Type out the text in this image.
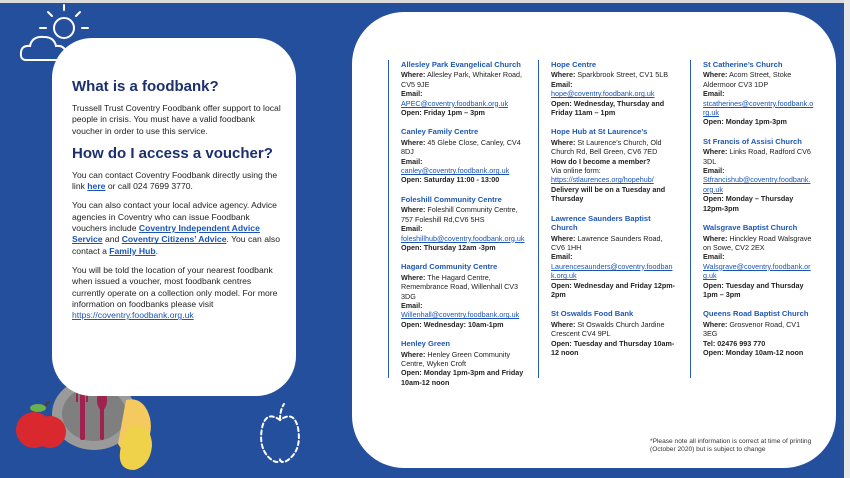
What is a foodbank?

Trussell Trust Coventry Foodbank offer support to local people in crisis. You must have a valid foodbank voucher in order to use this service.

How do I access a voucher?

You can contact Coventry Foodbank directly using the link here or call 024 7699 3770.

You can also contact your local advice agency. Advice agencies in Coventry who can issue Foodbank vouchers include Coventry Independent Advice Service and Coventry Citizens’ Advice. You can also contact a Family Hub.

You will be told the location of your nearest foodbank when issued a voucher, most foodbank centres currently operate on a collection only model. For more information on foodbanks please visit https://coventry.foodbank.org.uk

Allesley Park Evangelical Church
Where: Allesley Park, Whitaker Road, CV5 9JE
Email:
APEC@coventry.foodbank.org.uk
Open: Friday 1pm – 3pm
Canley Family Centre
Where: 45 Glebe Close, Canley, CV4 8DJ
Email:
canley@coventry.foodbank.org.uk
Open: Saturday 11:00 - 13:00
Foleshill Community Centre
Where: Foleshill Community Centre, 757 Foleshill Rd,CV6 5HS
Email:
foleshillhub@coventry.foodbank.org.uk
Open: Thursday 12am -3pm
Hagard Community Centre
Where: The Hagard Centre, Remembrance Road, Willenhall CV3 3DG
Email:
Willenhall@coventry.foodbank.org.uk
Open: Wednesday: 10am-1pm
Henley Green
Where: Henley Green Community Centre, Wyken Croft
Open: Monday 1pm-3pm and Friday 10am-12 noon
Hope Centre
Where: Sparkbrook Street, CV1 5LB
Email:
hope@coventry.foodbank.org.uk
Open: Wednesday, Thursday and Friday 11am – 1pm
Hope Hub at St Laurence’s
Where: St Laurence’s Church, Old Church Rd, Bell Green, CV6 7ED
How do I become a member?
Via online form:
https://stlaurences.org/hopehub/
Delivery will be on a Tuesday and Thursday
Lawrence Saunders Baptist Church
Where: Lawrence Saunders Road, CV6 1HH
Email:
Laurencesaunders@coventry.foodbank.org.uk
Open: Wednesday and Friday 12pm-2pm
St Oswalds Food Bank
Where: St Oswalds Church Jardine Crescent CV4 9PL
Open: Tuesday and Thursday 10am-12 noon
St Catherine’s Church
Where: Acorn Street, Stoke Aldermoor CV3 1DP
Email:
stcatherines@coventry.foodbank.org.uk
Open: Monday 1pm-3pm
St Francis of Assisi Church
Where: Links Road, Radford CV6 3DL
Email:
Stfrancishub@coventry.foodbank.org.uk
Open: Monday – Thursday 12pm-3pm
Walsgrave Baptist Church
Where: Hinckley Road Walsgrave on Sowe, CV2 2EX
Email:
Walsgrave@coventry.foodbank.org.uk
Open: Tuesday and Thursday 1pm – 3pm
Queens Road Baptist Church
Where: Grosvenor Road, CV1 3EG
Tel: 02476 993 770
Open: Monday 10am-12 noon
*Please note all information is correct at time of printing (October 2020) but is subject to change
